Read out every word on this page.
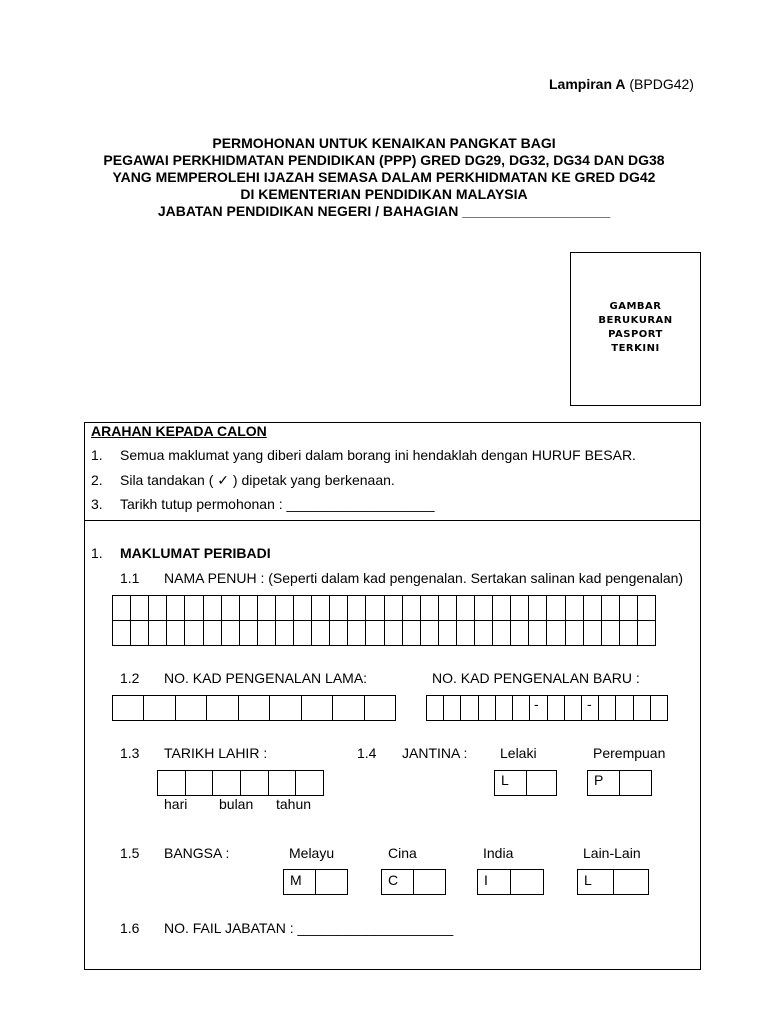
Lampiran A (BPDG42)
PERMOHONAN UNTUK KENAIKAN PANGKAT BAGI
PEGAWAI PERKHIDMATAN PENDIDIKAN (PPP) GRED DG29, DG32, DG34 DAN DG38
YANG MEMPEROLEHI IJAZAH SEMASA DALAM PERKHIDMATAN KE GRED DG42
DI KEMENTERIAN PENDIDIKAN MALAYSIA
JABATAN PENDIDIKAN NEGERI / BAHAGIAN ___________________
GAMBAR
BERUKURAN
PASPORT
TERKINI
ARAHAN KEPADA CALON
1. Semua maklumat yang diberi dalam borang ini hendaklah dengan HURUF BESAR.
2. Sila tandakan ( ✓ ) dipetak yang berkenaan.
3. Tarikh tutup permohonan : ___________________
1. MAKLUMAT PERIBADI
1.1 NAMA PENUH : (Seperti dalam kad pengenalan. Sertakan salinan kad pengenalan)
1.2 NO. KAD PENGENALAN LAMA:	NO. KAD PENGENALAN BARU :
-	-
1.3 TARIKH LAHIR :
hari bulan tahun
1.4 JANTINA : Lelaki	Perempuan
L	P
1.5 BANGSA :	Melayu	Cina	India	Lain-Lain
M	C	I	L
1.6 NO. FAIL JABATAN : ____________________
